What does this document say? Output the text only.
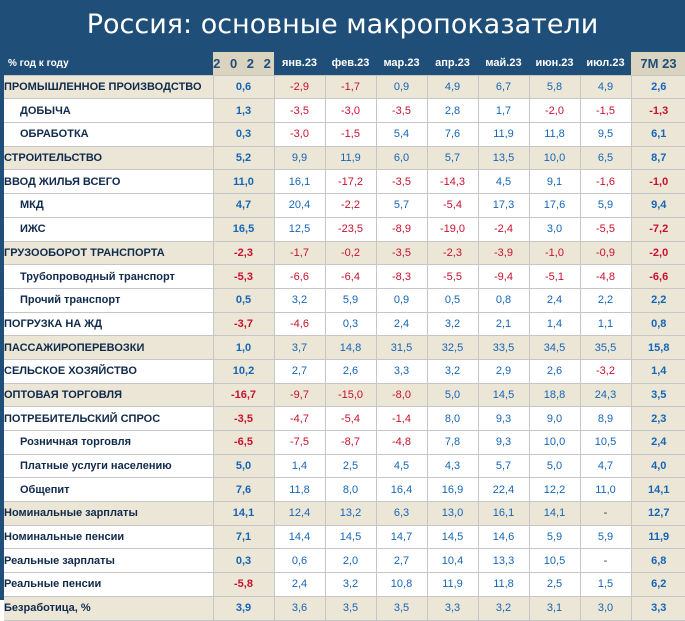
Россия: основные макропоказатели
% год к году	2 0 2 2	янв.23	фев.23	мар.23	апр.23	май.23	июн.23	июл.23	7М 23
ПРОМЫШЛЕННОЕ ПРОИЗВОДСТВО	0,6	-2,9	-1,7	0,9	4,9	6,7	5,8	4,9	2,6
ДОБЫЧА	1,3	-3,5	-3,0	-3,5	2,8	1,7	-2,0	-1,5	-1,3
ОБРАБОТКА	0,3	-3,0	-1,5	5,4	7,6	11,9	11,8	9,5	6,1
СТРОИТЕЛЬСТВО	5,2	9,9	11,9	6,0	5,7	13,5	10,0	6,5	8,7
ВВОД ЖИЛЬЯ ВСЕГО	11,0	16,1	-17,2	-3,5	-14,3	4,5	9,1	-1,6	-1,0
МКД	4,7	20,4	-2,2	5,7	-5,4	17,3	17,6	5,9	9,4
ИЖС	16,5	12,5	-23,5	-8,9	-19,0	-2,4	3,0	-5,5	-7,2
ГРУЗООБОРОТ ТРАНСПОРТА	-2,3	-1,7	-0,2	-3,5	-2,3	-3,9	-1,0	-0,9	-2,0
Трубопроводный транспорт	-5,3	-6,6	-6,4	-8,3	-5,5	-9,4	-5,1	-4,8	-6,6
Прочий транспорт	0,5	3,2	5,9	0,9	0,5	0,8	2,4	2,2	2,2
ПОГРУЗКА НА ЖД	-3,7	-4,6	0,3	2,4	3,2	2,1	1,4	1,1	0,8
ПАССАЖИРОПЕРЕВОЗКИ	1,0	3,7	14,8	31,5	32,5	33,5	34,5	35,5	15,8
СЕЛЬСКОЕ ХОЗЯЙСТВО	10,2	2,7	2,6	3,3	3,2	2,9	2,6	-3,2	1,4
ОПТОВАЯ ТОРГОВЛЯ	-16,7	-9,7	-15,0	-8,0	5,0	14,5	18,8	24,3	3,5
ПОТРЕБИТЕЛЬСКИЙ СПРОС	-3,5	-4,7	-5,4	-1,4	8,0	9,3	9,0	8,9	2,3
Розничная торговля	-6,5	-7,5	-8,7	-4,8	7,8	9,3	10,0	10,5	2,4
Платные услуги населению	5,0	1,4	2,5	4,5	4,3	5,7	5,0	4,7	4,0
Общепит	7,6	11,8	8,0	16,4	16,9	22,4	12,2	11,0	14,1
Номинальные зарплаты	14,1	12,4	13,2	6,3	13,0	16,1	14,1	-	12,7
Номинальные пенсии	7,1	14,4	14,5	14,7	14,5	14,6	5,9	5,9	11,9
Реальные зарплаты	0,3	0,6	2,0	2,7	10,4	13,3	10,5	-	6,8
Реальные пенсии	-5,8	2,4	3,2	10,8	11,9	11,8	2,5	1,5	6,2
Безработица, %	3,9	3,6	3,5	3,5	3,3	3,2	3,1	3,0	3,3
